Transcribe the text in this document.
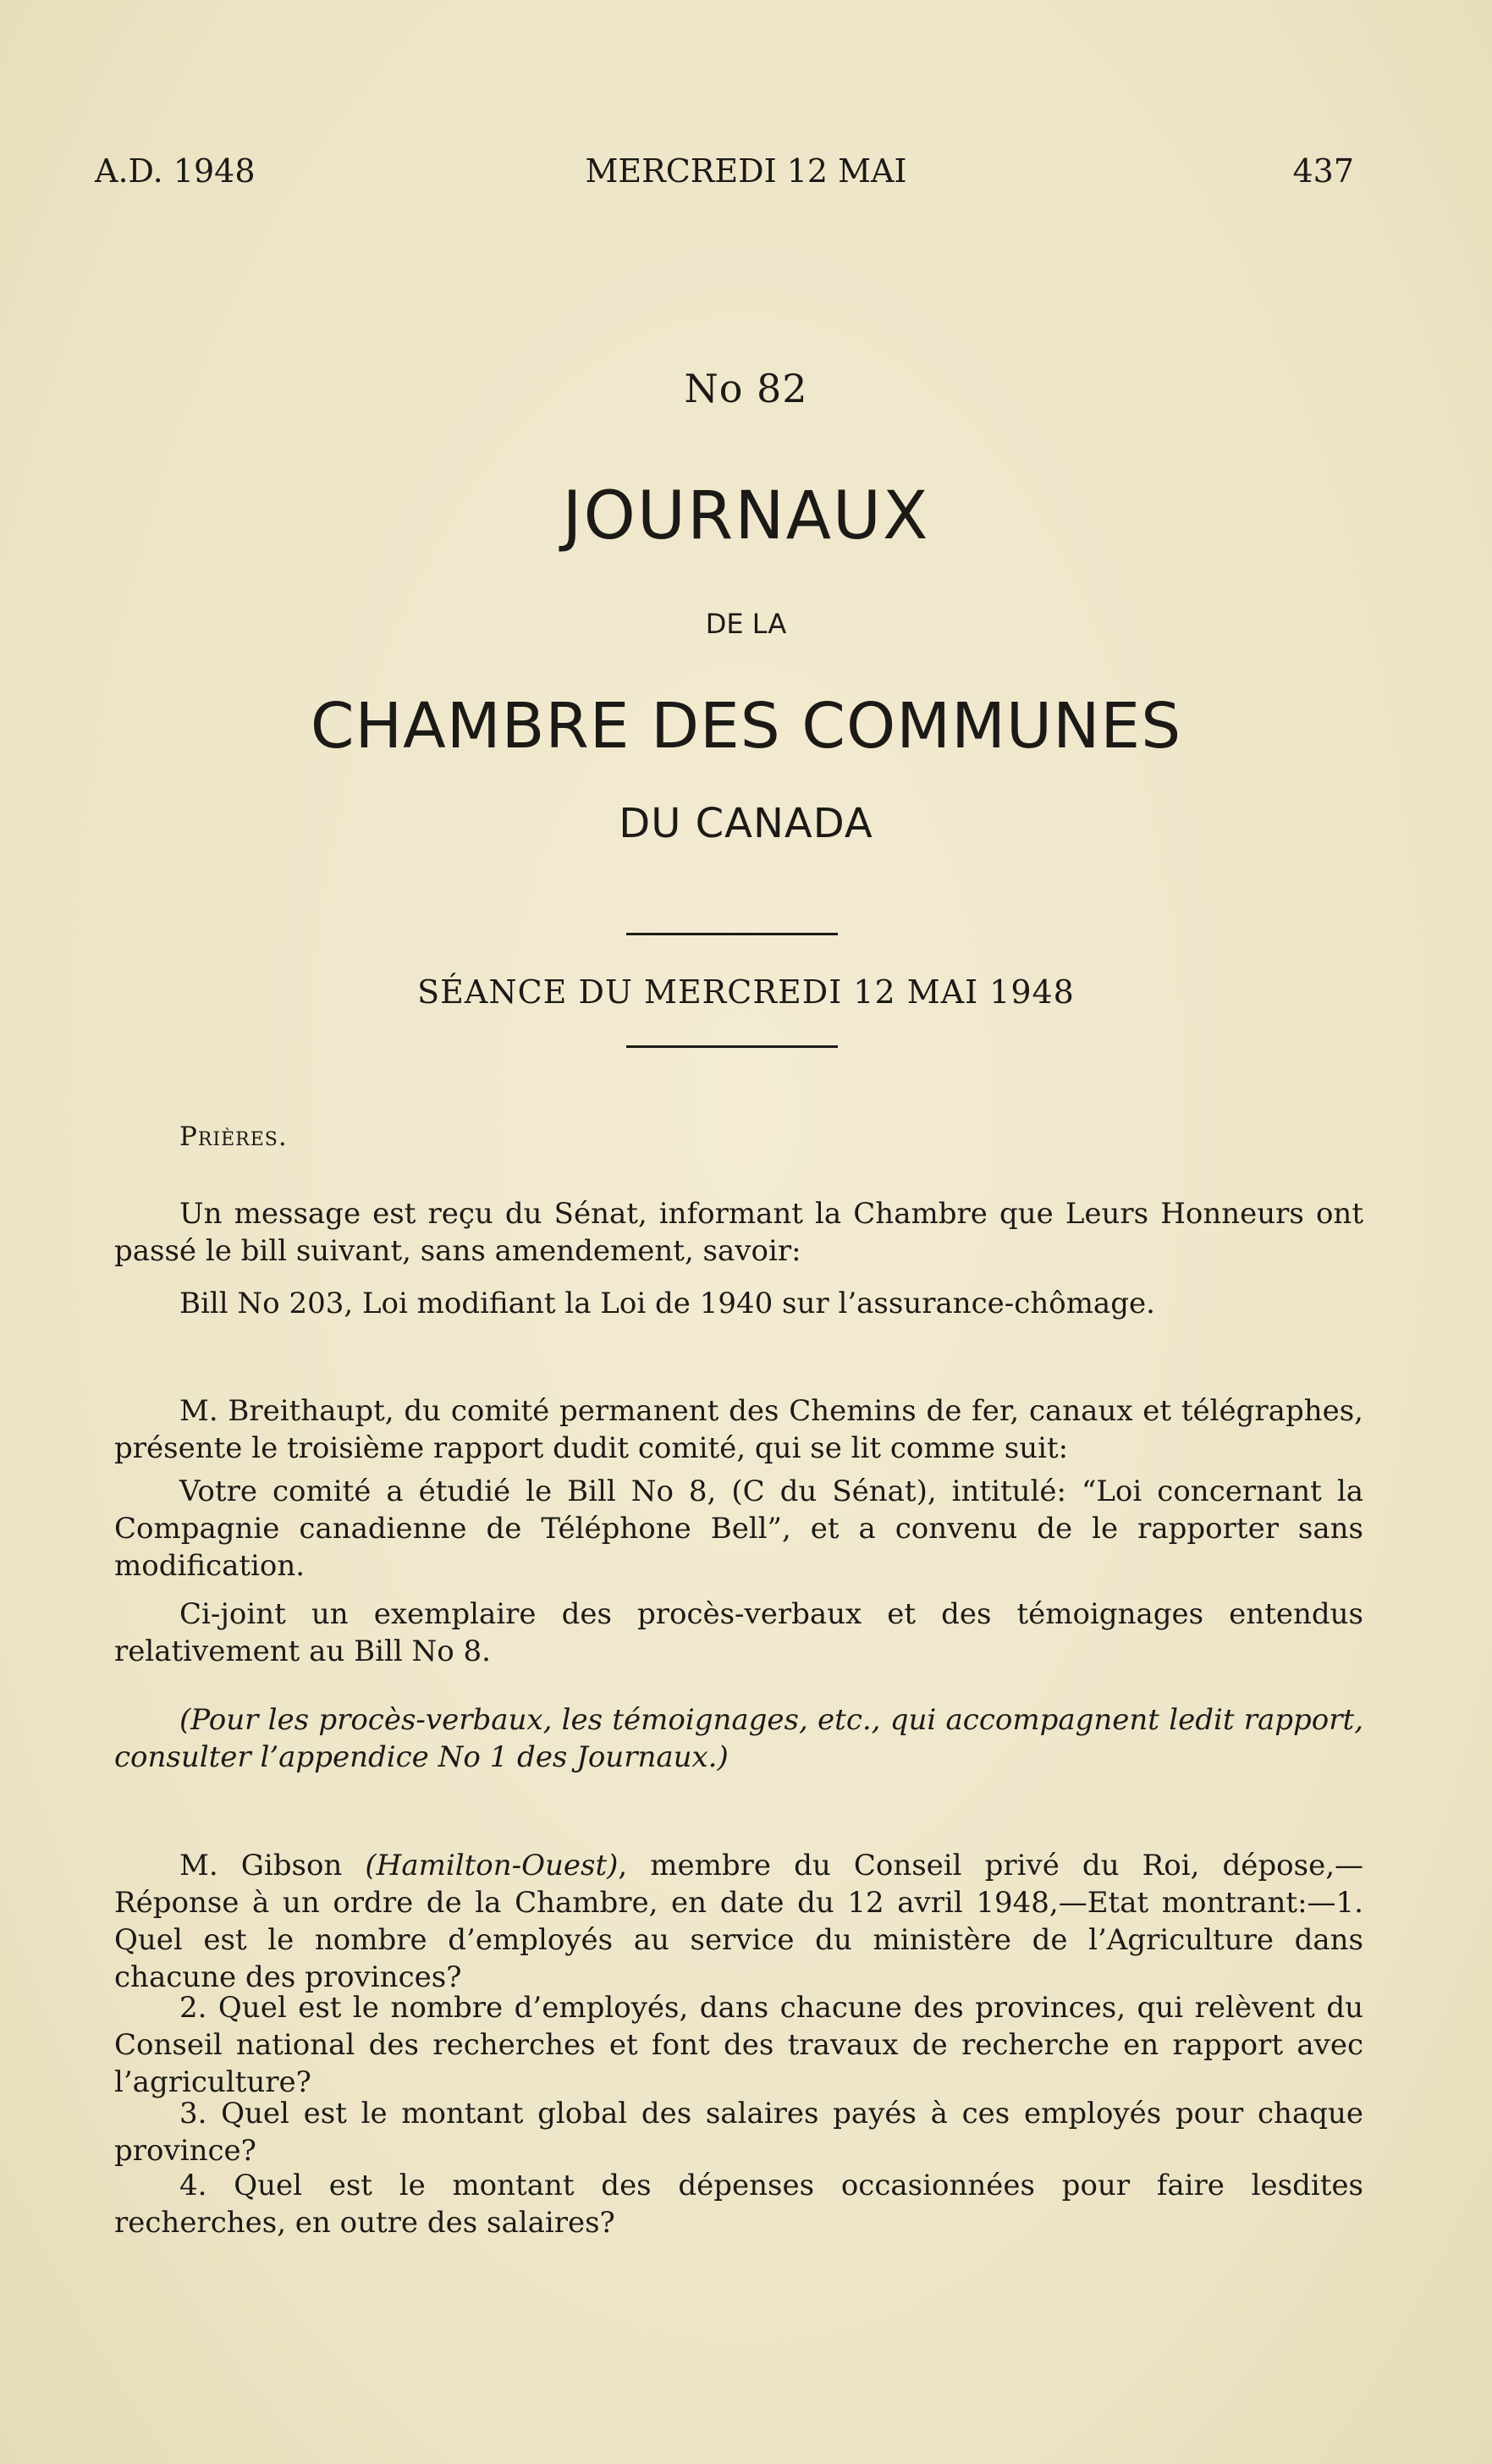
A.D. 1948	MERCREDI 12 MAI	437
No 82
JOURNAUX
DE LA
CHAMBRE DES COMMUNES
DU CANADA
SÉANCE DU MERCREDI 12 MAI 1948
Prières.

Un message est reçu du Sénat, informant la Chambre que Leurs Honneurs ont passé le bill suivant, sans amendement, savoir:

Bill No 203, Loi modifiant la Loi de 1940 sur l’assurance-chômage.

M. Breithaupt, du comité permanent des Chemins de fer, canaux et télégraphes, présente le troisième rapport dudit comité, qui se lit comme suit:

Votre comité a étudié le Bill No 8, (C du Sénat), intitulé: “Loi concernant la Compagnie canadienne de Téléphone Bell”, et a convenu de le rapporter sans modification.

Ci-joint un exemplaire des procès-verbaux et des témoignages entendus relativement au Bill No 8.

(Pour les procès-verbaux, les témoignages, etc., qui accompagnent ledit rapport, consulter l’appendice No 1 des Journaux.)

M. Gibson (Hamilton-Ouest), membre du Conseil privé du Roi, dépose,—Réponse à un ordre de la Chambre, en date du 12 avril 1948,—Etat montrant:—1. Quel est le nombre d’employés au service du ministère de l’Agriculture dans chacune des provinces?

2. Quel est le nombre d’employés, dans chacune des provinces, qui relèvent du Conseil national des recherches et font des travaux de recherche en rapport avec l’agriculture?

3. Quel est le montant global des salaires payés à ces employés pour chaque province?

4. Quel est le montant des dépenses occasionnées pour faire lesdites recherches, en outre des salaires?
